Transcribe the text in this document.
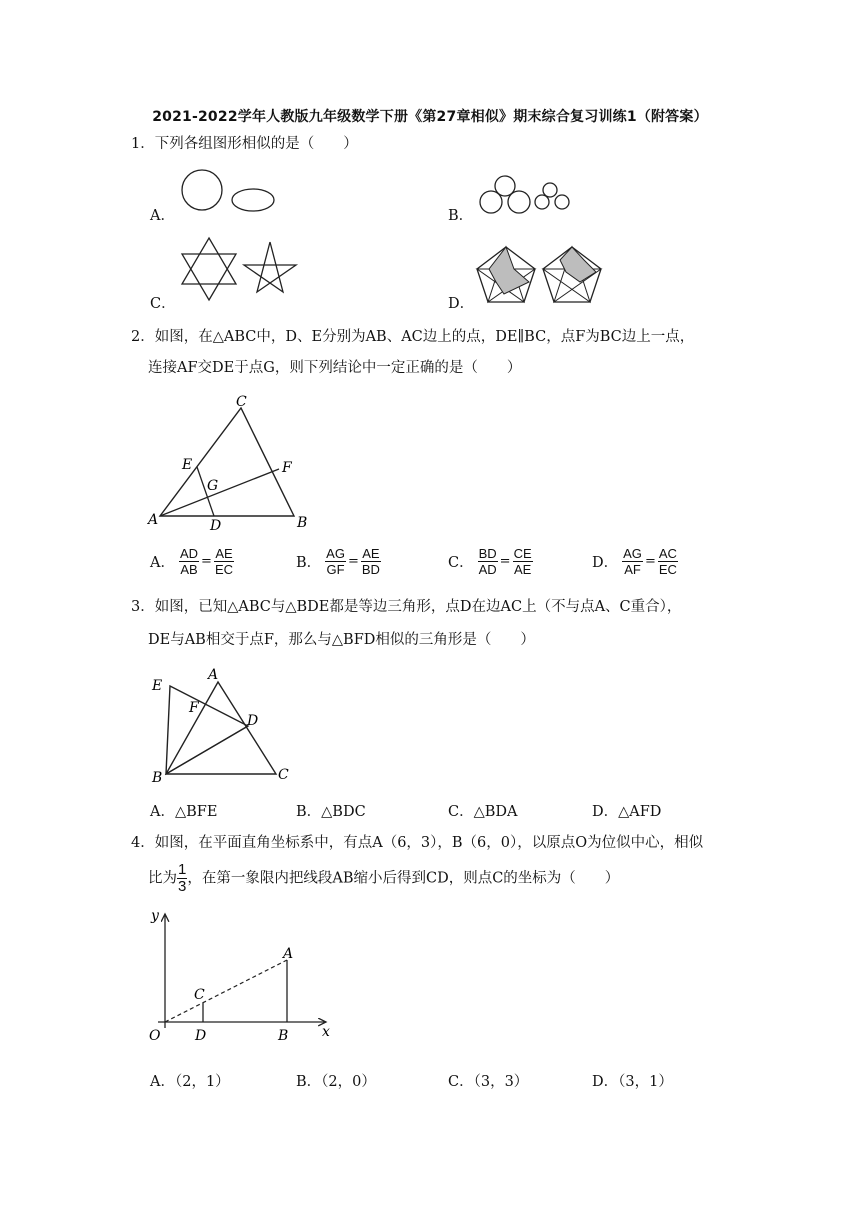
2021-2022学年人教版九年级数学下册《第27章相似》期末综合复习训练1（附答案）
1．下列各组图形相似的是（　　）
A．	B．
C．	D．
2．如图，在△ABC中，D、E分别为AB、AC边上的点，DE∥BC，点F为BC边上一点，
连接AF交DE于点G，则下列结论中一定正确的是（　　）
C
E	F
G
A	D	B
A． $\frac{AD}{AB} = \frac{AE}{EC}$	B． $\frac{AG}{GF} = \frac{AE}{BD}$	C． $\frac{BD}{AD} = \frac{CE}{AE}$	D． $\frac{AG}{AF} = \frac{AC}{EC}$
3．如图，已知△ABC与△BDE都是等边三角形，点D在边AC上（不与点A、C重合），
DE与AB相交于点F，那么与△BFD相似的三角形是（　　）
E
A
F
D
B	C
A．△BFE	B．△BDC	C．△BDA	D．△AFD
4．如图，在平面直角坐标系中，有点A（6，3），B（6，0），以原点O为位似中心，相似
比为 $\frac{1}{3}$ ，在第一象限内把线段AB缩小后得到CD，则点C的坐标为（　　）
y
A
C
O D	B x
A．（2，1）	B．（2，0）	C．（3，3）	D．（3，1）
